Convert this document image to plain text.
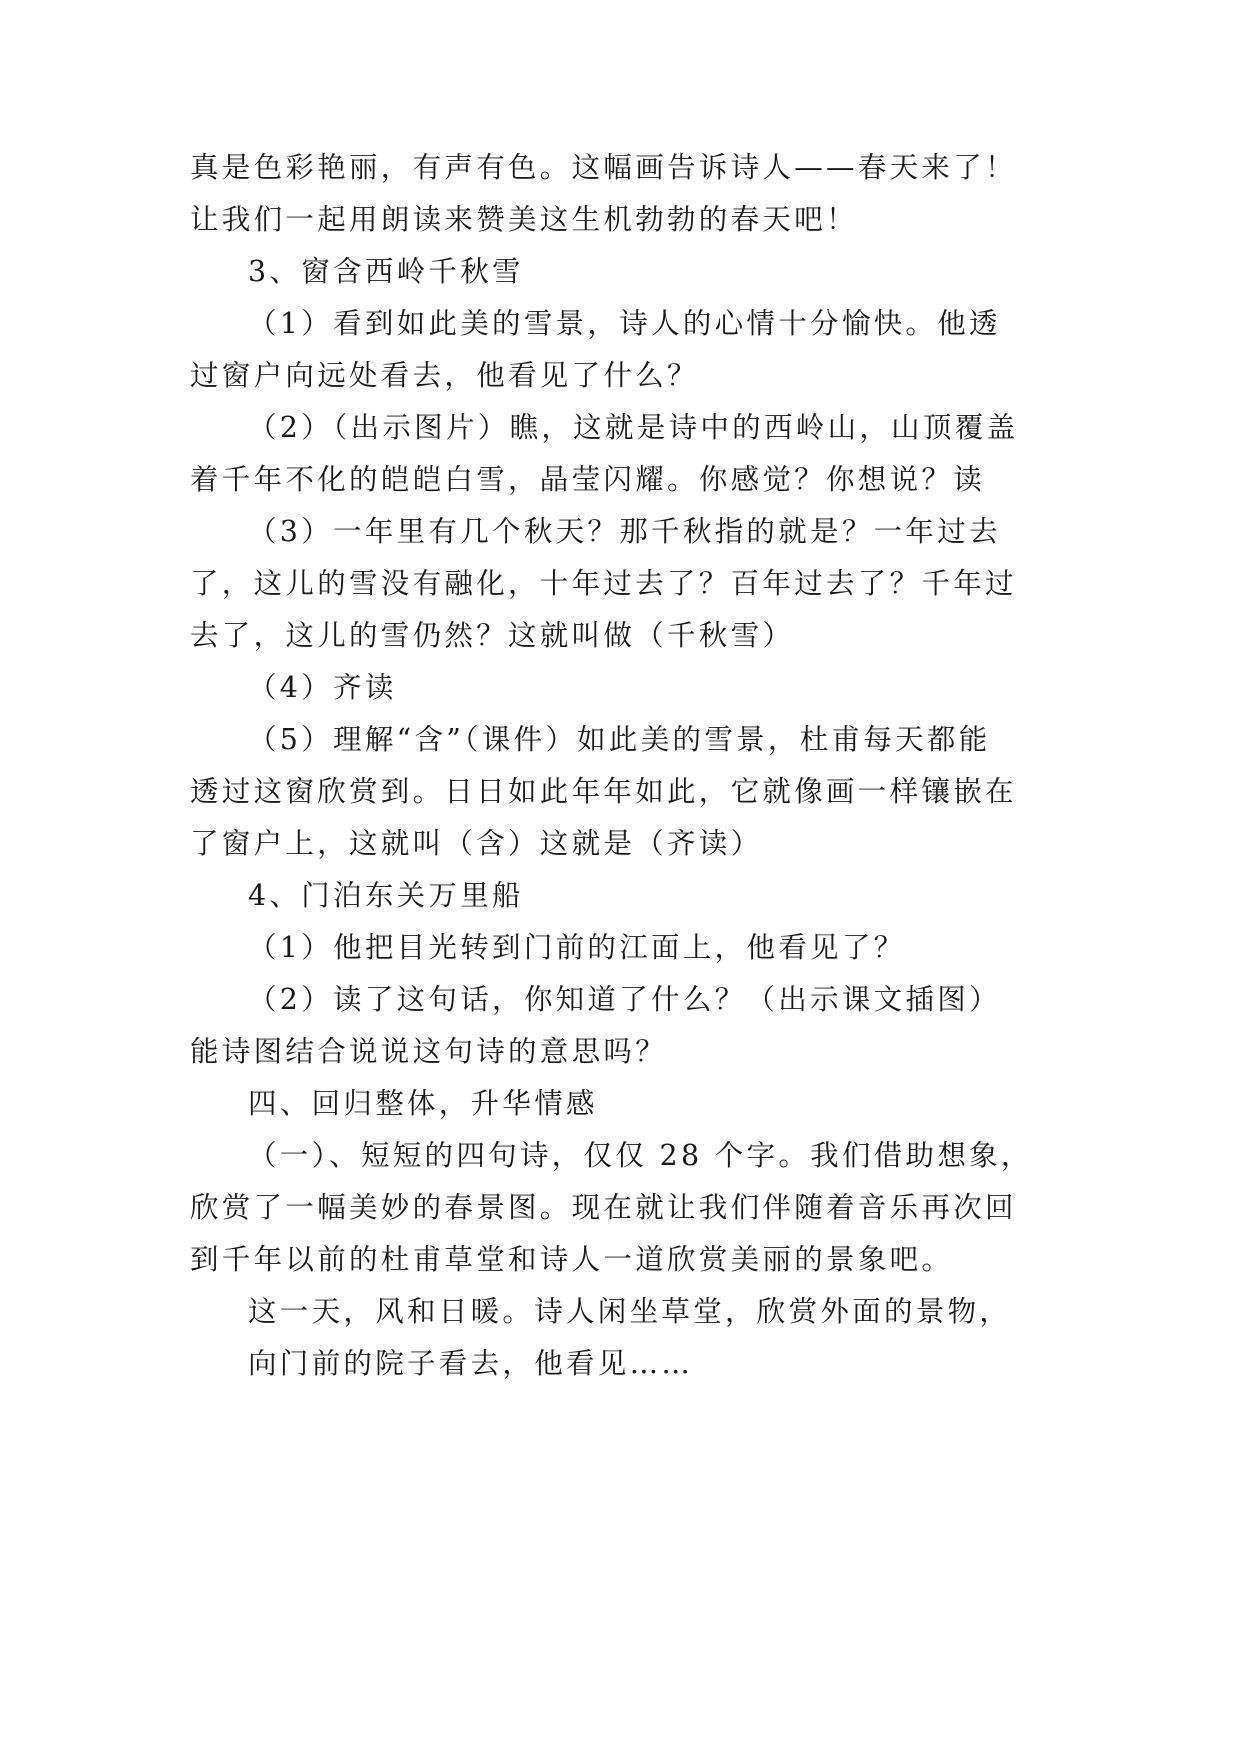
真是色彩艳丽，有声有色。这幅画告诉诗人——春天来了！

让我们一起用朗读来赞美这生机勃勃的春天吧！

3、窗含西岭千秋雪

（1）看到如此美的雪景，诗人的心情十分愉快。他透

过窗户向远处看去，他看见了什么？

（2）（出示图片）瞧，这就是诗中的西岭山，山顶覆盖

着千年不化的皑皑白雪，晶莹闪耀。你感觉？你想说？读

（3）一年里有几个秋天？那千秋指的就是？一年过去

了，这儿的雪没有融化，十年过去了？百年过去了？千年过

去了，这儿的雪仍然？这就叫做（千秋雪）

（4）齐读

（5）理解“含”（课件）如此美的雪景，杜甫每天都能

透过这窗欣赏到。日日如此年年如此，它就像画一样镶嵌在

了窗户上，这就叫（含）这就是（齐读）

4、门泊东关万里船

（1）他把目光转到门前的江面上，他看见了？

（2）读了这句话，你知道了什么？（出示课文插图）

能诗图结合说说这句诗的意思吗？

四、回归整体，升华情感

（一）、短短的四句诗，仅仅 28 个字。我们借助想象，

欣赏了一幅美妙的春景图。现在就让我们伴随着音乐再次回

到千年以前的杜甫草堂和诗人一道欣赏美丽的景象吧。

这一天，风和日暖。诗人闲坐草堂，欣赏外面的景物，

向门前的院子看去，他看见……
